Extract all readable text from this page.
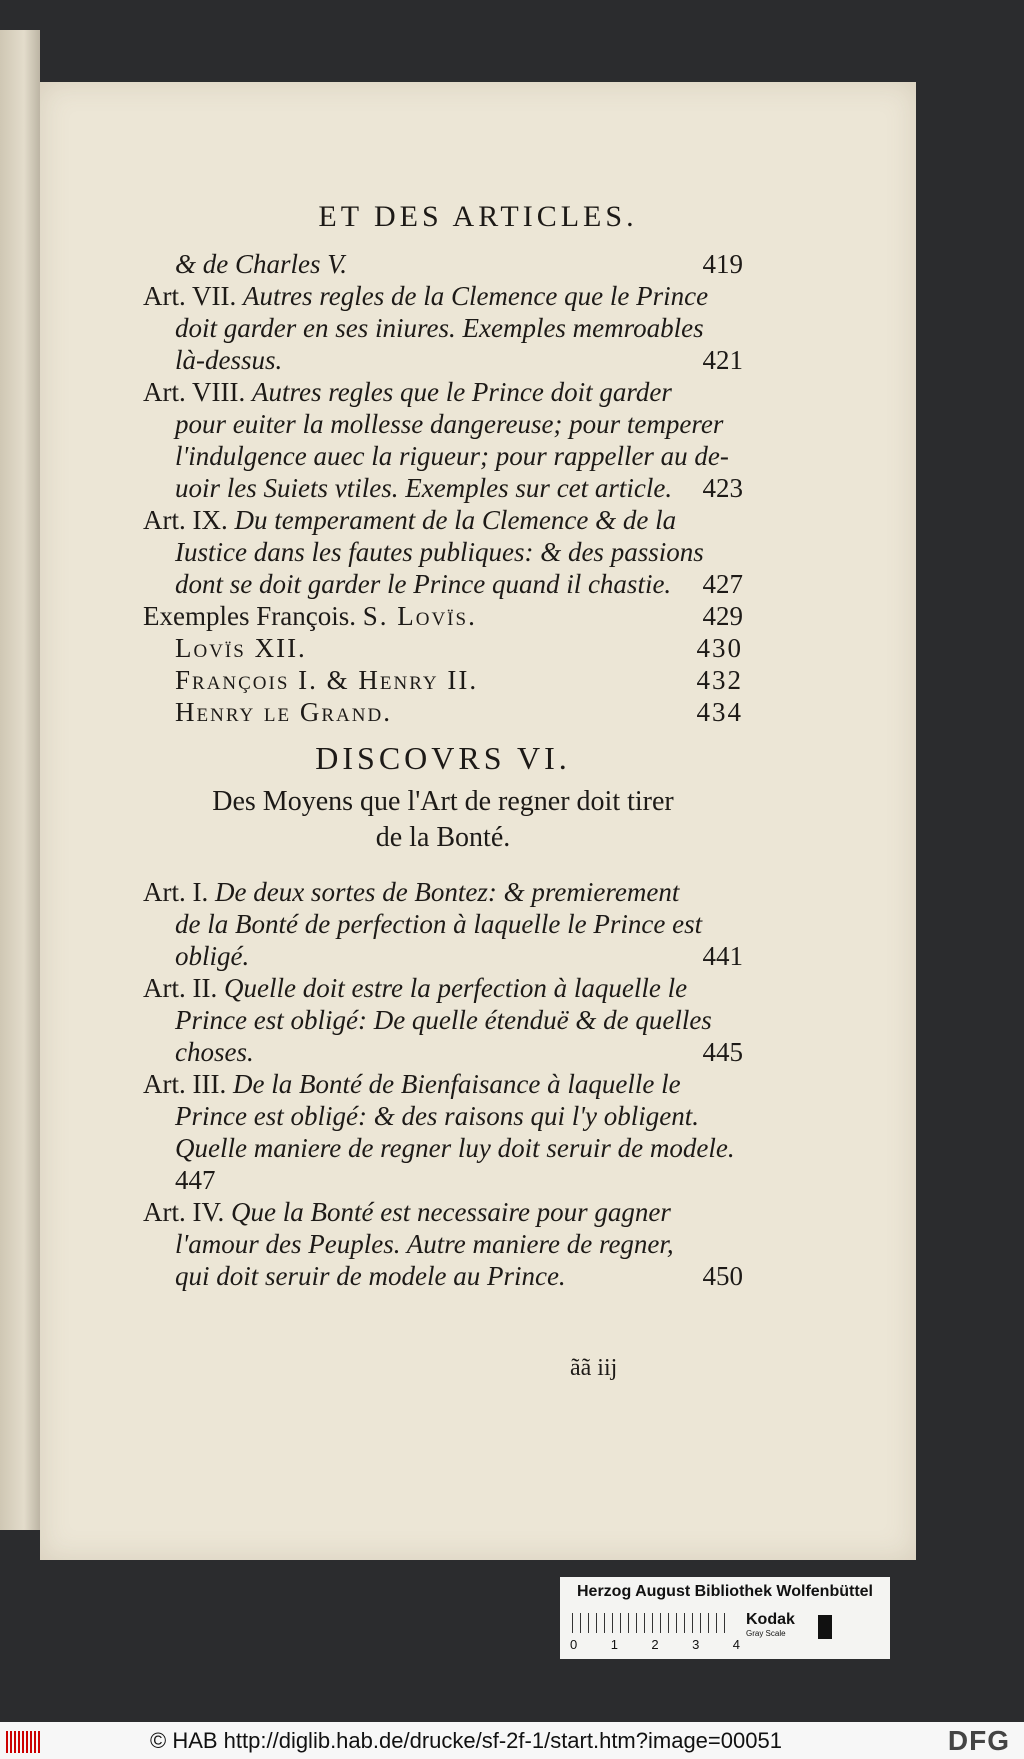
ET DES ARTICLES.
& de Charles V.	419
Art. VII. Autres regles de la Clemence que le Prince
doit garder en ses iniures. Exemples memroables
là-dessus.	421
Art. VIII. Autres regles que le Prince doit garder
pour euiter la mollesse dangereuse; pour temperer
l'indulgence auec la rigueur; pour rappeller au de-
uoir les Suiets vtiles. Exemples sur cet article. 423
Art. IX. Du temperament de la Clemence & de la
Iustice dans les fautes publiques: & des passions
dont se doit garder le Prince quand il chastie. 427
Exemples François. S. Lovïs.	429
Lovïs XII.	430
François I. & Henry II.	432
Henry le Grand.	434
DISCOVRS VI.
Des Moyens que l'Art de regner doit tirer
de la Bonté.
Art. I. De deux sortes de Bontez: & premierement
de la Bonté de perfection à laquelle le Prince est
obligé.	441
Art. II. Quelle doit estre la perfection à laquelle le
Prince est obligé: De quelle étenduë & de quelles
choses.	445
Art. III. De la Bonté de Bienfaisance à laquelle le
Prince est obligé: & des raisons qui l'y obligent.
Quelle maniere de regner luy doit seruir de modele.
447
Art. IV. Que la Bonté est necessaire pour gagner
l'amour des Peuples. Autre maniere de regner,
qui doit seruir de modele au Prince.	450
ãã iij
Herzog August Bibliothek Wolfenbüttel
0	1	2	3	4
Kodak
Gray Scale
© HAB http://diglib.hab.de/drucke/sf-2f-1/start.htm?image=00051	DFG
